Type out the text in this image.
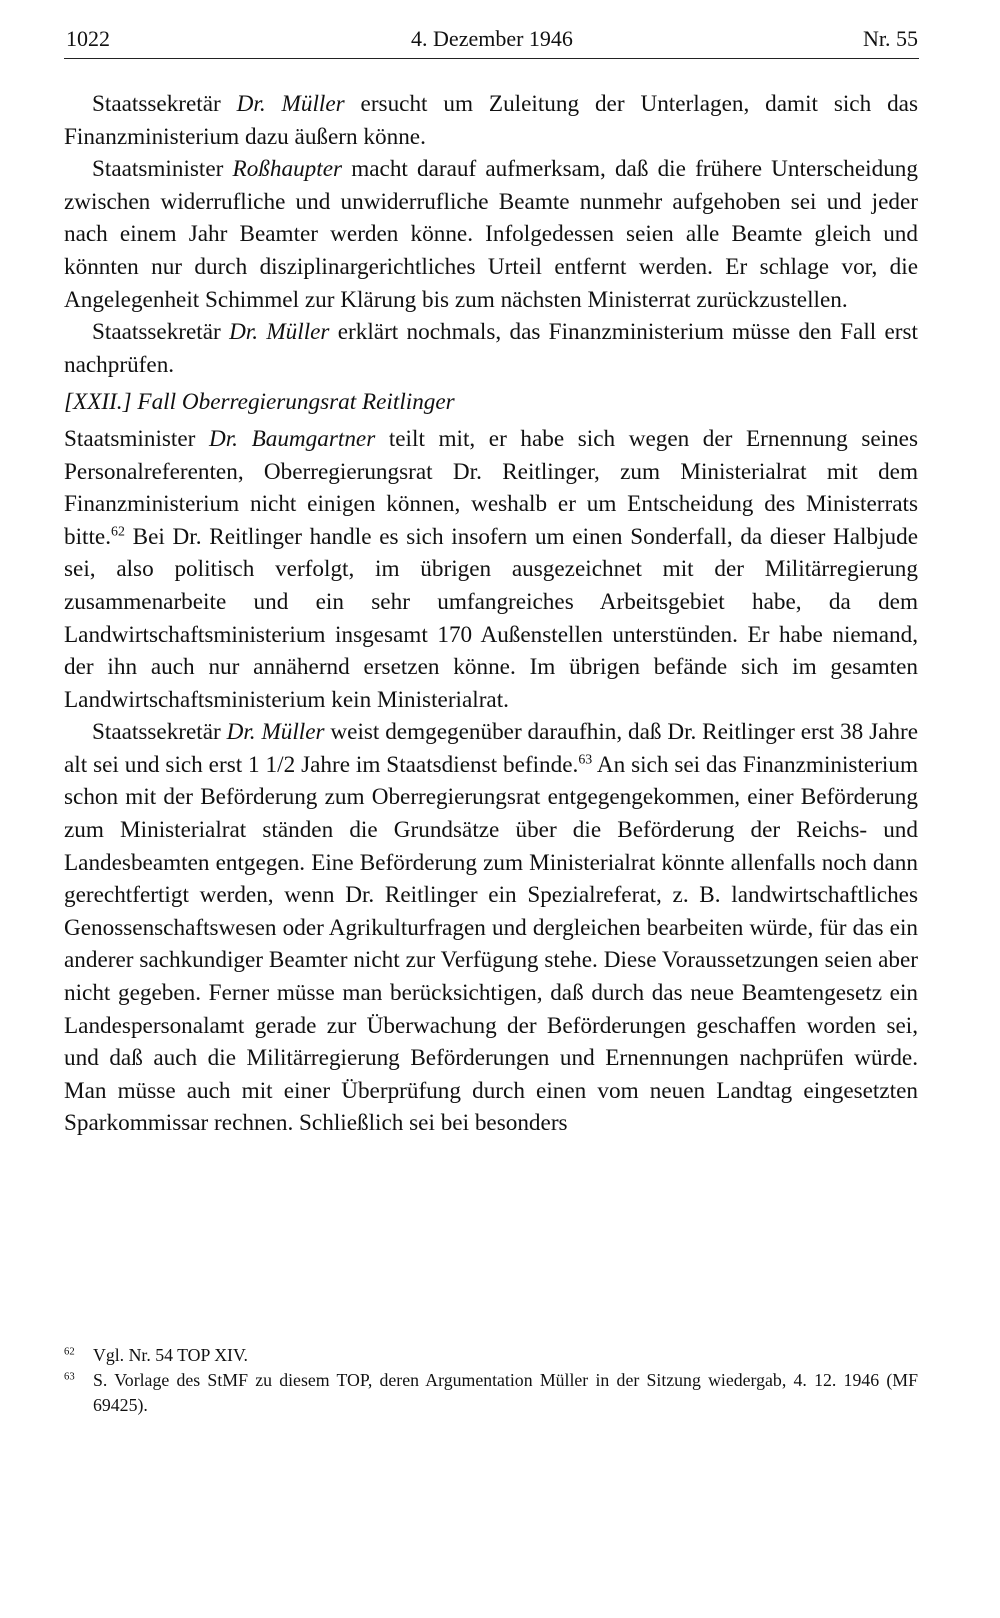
1022	4. Dezember 1946	Nr. 55

Staatssekretär Dr. Müller ersucht um Zuleitung der Unterlagen, damit sich das Finanzministerium dazu äußern könne.

Staatsminister Roßhaupter macht darauf aufmerksam, daß die frühere Unterscheidung zwischen widerrufliche und unwiderrufliche Beamte nunmehr aufgehoben sei und jeder nach einem Jahr Beamter werden könne. Infolgedessen seien alle Beamte gleich und könnten nur durch disziplinargerichtliches Urteil entfernt werden. Er schlage vor, die Angelegenheit Schimmel zur Klärung bis zum nächsten Ministerrat zurückzustellen.

Staatssekretär Dr. Müller erklärt nochmals, das Finanzministerium müsse den Fall erst nachprüfen.

[XXII.] Fall Oberregierungsrat Reitlinger

Staatsminister Dr. Baumgartner teilt mit, er habe sich wegen der Ernennung seines Personalreferenten, Oberregierungsrat Dr. Reitlinger, zum Ministerialrat mit dem Finanzministerium nicht einigen können, weshalb er um Entscheidung des Ministerrats bitte.$^{62}$ Bei Dr. Reitlinger handle es sich insofern um einen Sonderfall, da dieser Halbjude sei, also politisch verfolgt, im übrigen ausgezeichnet mit der Militärregierung zusammenarbeite und ein sehr umfangreiches Arbeitsgebiet habe, da dem Landwirtschaftsministerium insgesamt 170 Außenstellen unterstünden. Er habe niemand, der ihn auch nur annähernd ersetzen könne. Im übrigen befände sich im gesamten Landwirtschaftsministerium kein Ministerialrat.

Staatssekretär Dr. Müller weist demgegenüber daraufhin, daß Dr. Reitlinger erst 38 Jahre alt sei und sich erst 1 1/2 Jahre im Staatsdienst befinde.$^{63}$ An sich sei das Finanzministerium schon mit der Beförderung zum Oberregierungsrat entgegengekommen, einer Beförderung zum Ministerialrat ständen die Grundsätze über die Beförderung der Reichs- und Landesbeamten entgegen. Eine Beförderung zum Ministerialrat könnte allenfalls noch dann gerechtfertigt werden, wenn Dr. Reitlinger ein Spezialreferat, z. B. landwirtschaftliches Genossenschaftswesen oder Agrikulturfragen und dergleichen bearbeiten würde, für das ein anderer sachkundiger Beamter nicht zur Verfügung stehe. Diese Voraussetzungen seien aber nicht gegeben. Ferner müsse man berücksichtigen, daß durch das neue Beamtengesetz ein Landespersonalamt gerade zur Überwachung der Beförderungen geschaffen worden sei, und daß auch die Militärregierung Beförderungen und Ernennungen nachprüfen würde. Man müsse auch mit einer Überprüfung durch einen vom neuen Landtag eingesetzten Sparkommissar rechnen. Schließlich sei bei besonders

$^{62}$ Vgl. Nr. 54 TOP XIV.
$^{63}$ S. Vorlage des StMF zu diesem TOP, deren Argumentation Müller in der Sitzung wiedergab, 4. 12. 1946 (MF 69425).
